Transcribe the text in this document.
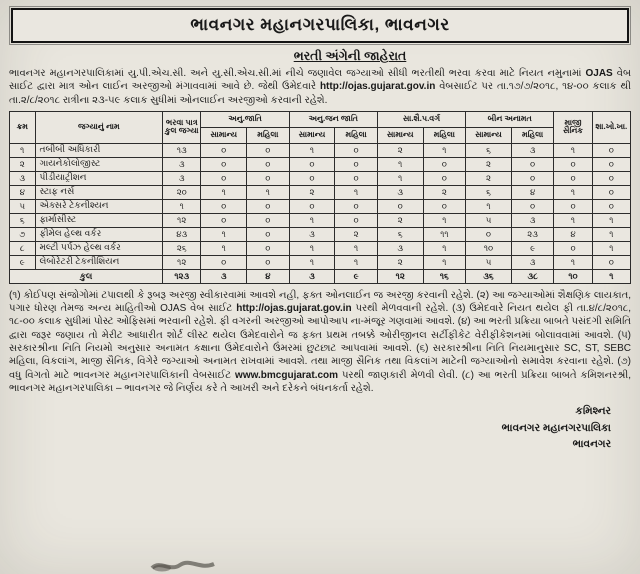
ભાવનગર મહાનગરપાલિકા, ભાવનગર
ભરતી અંગેની જાહેરાત
ભાવનગર મહાનગરપાલિકામાં યુ.પી.એચ.સી. અને યુ.સી.એચ.સી.માં નીચે જણાવેલ જગ્યાઓ સીધી ભરતીથી ભરવા કરવા માટે નિયત નમુનામાં OJAS વેબ સાઈટ દ્વારા માત્ર ઓન લાઈન અરજીઓ મંગાવવામાં આવે છે. જેથી ઉમેદવારે http://ojas.gujarat.gov.in વેબસાઈટ પર તા.૧૭/૭/૨૦૧૮, ૧૪-૦૦ કલાક થી તા.૨/૮/૨૦૧૮ રાત્રીના ૨૩-૫૯ કલાક સુધીમાં ઓનલાઈન અરજીઓ કરવાની રહેશે.
ક્રમ	જગ્યાનું નામ	ભરવા પાત્ર કુલ જગ્યા	અનુ.જાતિ		અનુ.જન જાતિ		સા.શૈ.પ.વર્ગ		બીન અનામત		માજી સૈનિક	શા.ખો.ખા.
			સામાન્ય	મહિલા	સામાન્ય	મહિલા	સામાન્ય	મહિલા	સામાન્ય	મહિલા		
૧	તબીબી અધિકારી	૧૩	૦	૦	૧	૦	૨	૧	૬	૩	૧	૦
૨	ગાયનેકોલોજીસ્ટ	૩	૦	૦	૦	૦	૧	૦	૨	૦	૦	૦
૩	પીડીયાટ્રીશન	૩	૦	૦	૦	૦	૧	૦	૨	૦	૦	૦
૪	સ્ટાફ નર્સ	૨૦	૧	૧	૨	૧	૩	૨	૬	૪	૧	૦
૫	એક્સરે ટેકનીશ્યન	૧	૦	૦	૦	૦	૦	૦	૧	૦	૦	૦
૬	ફાર્માસીસ્ટ	૧૨	૦	૦	૧	૦	૨	૧	૫	૩	૧	૧
૭	ફીમેલ હેલ્થ વર્કર	૪૩	૧	૦	૩	૨	૬	૧૧	૦	૨૩	૪	૧
૮	મલ્ટી પર્પઝ હેલ્થ વર્કર	૨૬	૧	૦	૧	૧	૩	૧	૧૦	૯	૦	૧
૯	લેબોરેટરી ટેકનીશિયન	૧૨	૦	૦	૧	૧	૨	૧	૫	૩	૧	૦
કુલ		૧૨૩	૩	૪	૩	૯	૧૨	૧૬	૩૬	૩૮	૧૦	૧
(૧) કોઈપણ સંજોગોમાં ટપાલથી કે રૂબરૂ અરજી સ્વીકારવામાં આવશે નહી, ફક્ત ઓનલાઈન જ અરજી કરવાની રહેશે. (૨) આ જગ્યાઓમાં શૈક્ષણિક લાયકાત, પગાર ધોરણ તેમજ અન્ય માહિતીઓ OJAS વેબ સાઈટ http://ojas.gujarat.gov.in પરથી મેળવવાની રહેશે. (૩) ઉમેદવારે નિયત થયેલ ફી તા.૪/૮/૨૦૧૮, ૧૮-૦૦ કલાક સુધીમાં પોસ્ટ ઓફિસમાં ભરવાની રહેશે. ફી વગરની અરજીઓ આપોઆપ ના-મંજૂર ગણવામાં આવશે. (૪) આ ભરતી પ્રક્રિયા બાબતે પસંદગી સમિતિ દ્વારા જરૂર જણાય તો મેરીટ આધારીત શોર્ટ લીસ્ટ થયેલ ઉમેદવારોને જ ફક્ત પ્રથમ તબક્કે ઓરીજીનલ સર્ટીફીકેટ વેરીફીકેશનમાં બોલાવવામાં આવશે. (૫) સરકારશ્રીના નિતિ નિયમો અનુસાર અનામત કક્ષાના ઉમેદવારોને ઉંમરમાં છુટછાટ આપવામાં આવશે. (૬) સરકારશ્રીના નિતિ નિયમાનુસાર SC, ST, SEBC મહિલા, વિકલાંગ, માજી સૈનિક, વિગેરે જગ્યાઓ અનામત રાખવામાં આવશે. તથા માજી સૈનિક તથા વિકલાંગ માટેની જગ્યાઓનો સમાવેશ કરવાના રહેશે. (૭) વધુ વિગતો માટે ભાવનગર મહાનગરપાલિકાની વેબસાઈટ www.bmcgujarat.com પરથી જાણકારી મેળવી લેવી. (૮) આ ભરતી પ્રક્રિયા બાબતે કમિશનરશ્રી, ભાવનગર મહાનગરપાલિકા – ભાવનગર જે નિર્ણય કરે તે આખરી અને દરેકને બંધનકર્તા રહેશે.
કમિશ્નર
ભાવનગર મહાનગરપાલિકા
ભાવનગર
